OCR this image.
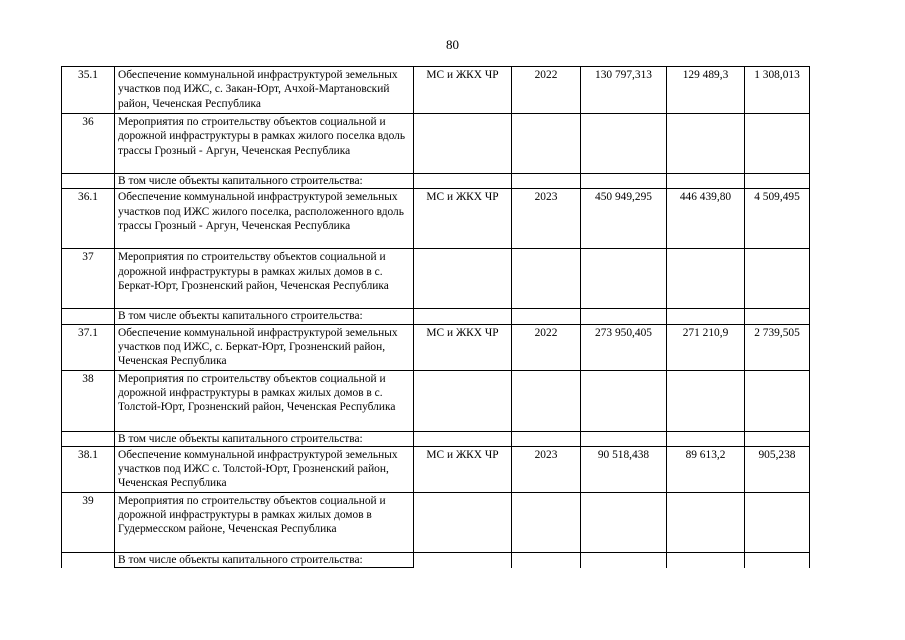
80
35.1	Обеспечение коммунальной инфраструктурой земельных участков под ИЖС, с. Закан-Юрт, Ачхой-Мартановский район, Чеченская Республика	МС и ЖКХ ЧР	2022	130 797,313	129 489,3	1 308,013
36	Мероприятия по строительству объектов социальной и дорожной инфраструктуры в рамках жилого поселка вдоль трассы Грозный - Аргун, Чеченская Республика					
	В том числе объекты капитального строительства:					
36.1	Обеспечение коммунальной инфраструктурой земельных участков под ИЖС жилого поселка, расположенного вдоль трассы Грозный - Аргун, Чеченская Республика	МС и ЖКХ ЧР	2023	450 949,295	446 439,80	4 509,495
37	Мероприятия по строительству объектов социальной и дорожной инфраструктуры в рамках жилых домов в с. Беркат-Юрт, Грозненский район, Чеченская Республика					
	В том числе объекты капитального строительства:					
37.1	Обеспечение коммунальной инфраструктурой земельных участков под ИЖС, с. Беркат-Юрт, Грозненский район, Чеченская Республика	МС и ЖКХ ЧР	2022	273 950,405	271 210,9	2 739,505
38	Мероприятия по строительству объектов социальной и дорожной инфраструктуры в рамках жилых домов в с. Толстой-Юрт, Грозненский район, Чеченская Республика					
	В том числе объекты капитального строительства:					
38.1	Обеспечение коммунальной инфраструктурой земельных участков под ИЖС с. Толстой-Юрт, Грозненский район, Чеченская Республика	МС и ЖКХ ЧР	2023	90 518,438	89 613,2	905,238
39	Мероприятия по строительству объектов социальной и дорожной инфраструктуры в рамках жилых домов в Гудермесском районе, Чеченская Республика					
	В том числе объекты капитального строительства:					
